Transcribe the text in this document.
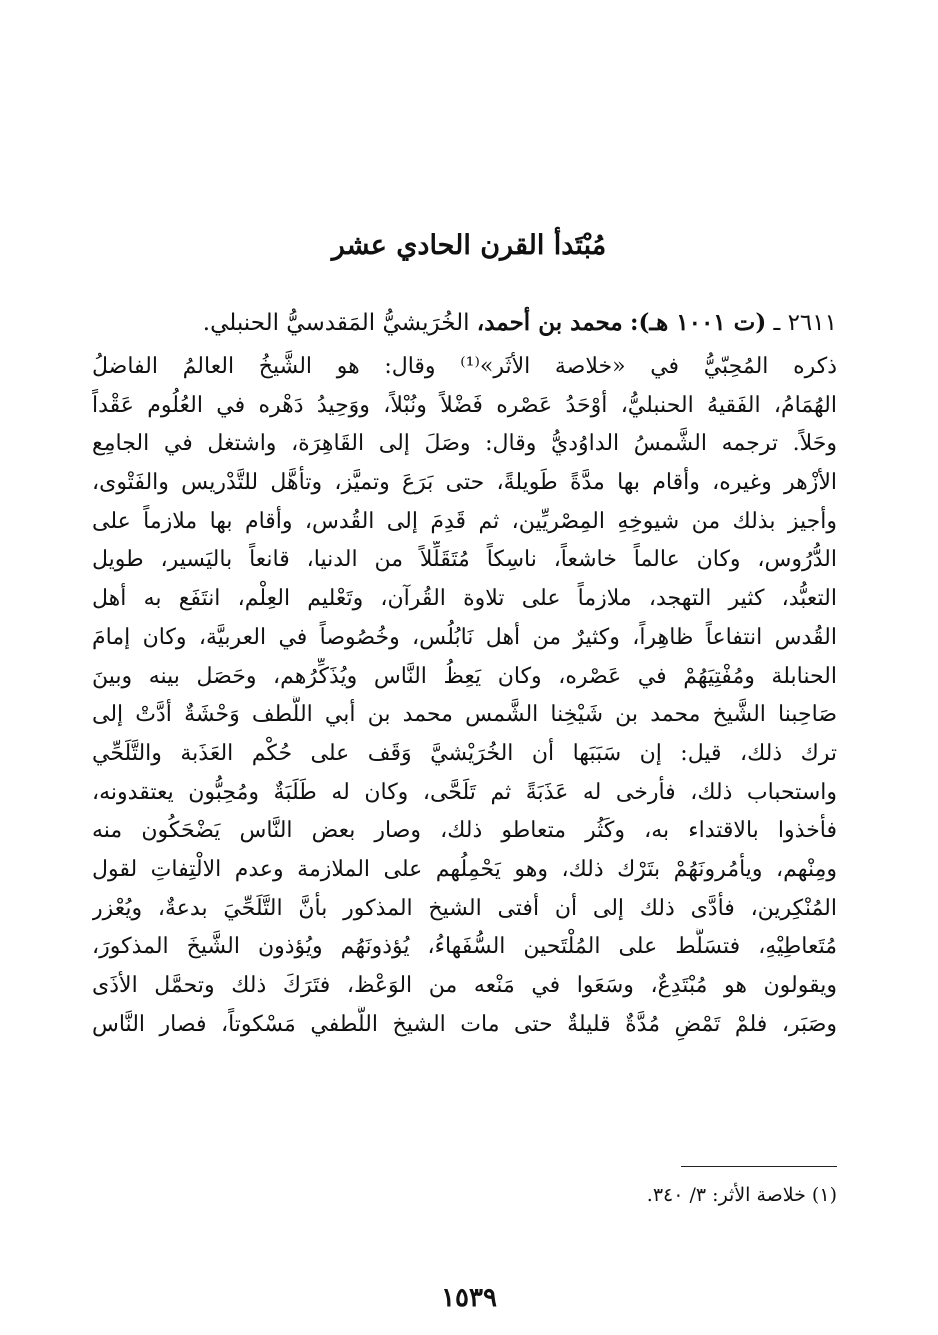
مُبْتَدأ القرن الحادي عشر

٢٦١١ ـ (ت ١٠٠١ هـ): محمد بن أحمد، الخُرَيشيُّ المَقدسيُّ الحنبلي.

ذكره المُحِبّيُّ في «خلاصة الأثَر»⁽¹⁾ وقال: هو الشَّيخُ العالمُ الفاضلُ
الهُمَامُ، الفَقيهُ الحنبليُّ، أوْحَدُ عَصْره فَضْلاً ونُبْلاً، ووَحِيدُ دَهْره في العُلُوم عَقْداً
وحَلاً. ترجمه الشَّمسُ الداوُديُّ وقال: وصَلَ إلى القَاهِرَة، واشتغل في الجامِع
الأزْهر وغيره، وأقام بها مدَّةً طَويلةً، حتى بَرَعَ وتميَّز، وتأهَّل للتَّدْريس والفَتْوى،
وأجيز بذلك من شيوخِهِ المِصْريِّين، ثم قَدِمَ إلى القُدس، وأقام بها ملازماً على
الدُّرُوس، وكان عالماً خاشعاً، ناسِكاً مُتَقَلِّلاً من الدنيا، قانعاً باليَسير، طويل
التعبُّد، كثير التهجد، ملازماً على تلاوة القُرآن، وتَعْليم العِلْم، انتَفَع به أهل
القُدس انتفاعاً ظاهِراً، وكثيرٌ من أهل نَابُلُس، وخُصُوصاً في العربيَّة، وكان إمامَ
الحنابلة ومُفْتِيَهُمْ في عَصْره، وكان يَعِظُ النَّاس ويُذَكِّرُهم، وحَصَل بينه وبينَ
صَاحِبنا الشَّيخ محمد بن شَيْخِنا الشَّمس محمد بن أبي اللُّطف وَحْشَةٌ أدَّتْ إلى
ترك ذلك، قيل: إن سَبَبَها أن الخُرَيْشيَّ وَقَف على حُكْم العَذَبة والتَّلَحِّي
واستحباب ذلك، فأرخى له عَذَبَةً ثم تَلَحَّى، وكان له طَلَبَةٌ ومُحِبُّون يعتقدونه،
فأخذوا بالاقتداء به، وكَثُر متعاطو ذلك، وصار بعض النَّاس يَضْحَكُون منه
ومِنْهم، ويأمُرونَهُمْ بتَرْك ذلك، وهو يَحْمِلُهم على الملازمة وعدم الالْتِفاتِ لقول
المُنْكِرين، فأدَّى ذلك إلى أن أفتى الشيخ المذكور بأنَّ التَّلَحِّيَ بدعةٌ، ويُعْزر
مُتَعاطِيْهِ، فتسَلَّط على المُلْتَحين السُّفَهاءُ، يُؤذونَهُم ويُؤذون الشَّيخَ المذكورَ،
ويقولون هو مُبْتَدِعٌ، وسَعَوا في مَنْعه من الوَعْظ، فتَرَكَ ذلك وتحمَّل الأذَى
وصَبَر، فلمْ تَمْضِ مُدَّةٌ قليلةٌ حتى مات الشيخ اللُّطفي مَسْكوتاً، فصار النَّاس
(١) خلاصة الأثر: ٣/ ٣٤٠.
١٥٣٩
